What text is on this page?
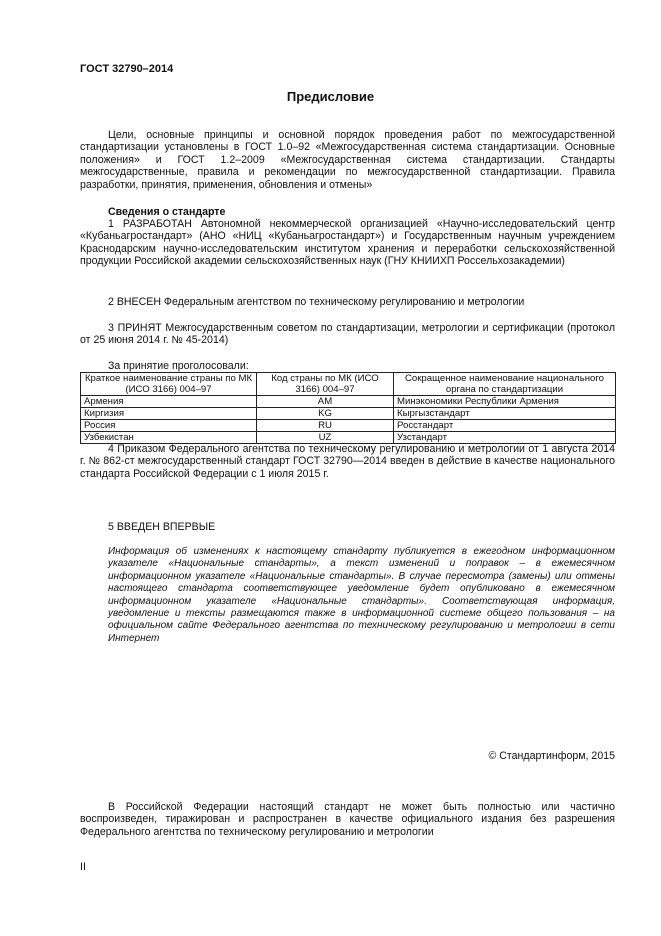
ГОСТ 32790–2014
Предисловие
Цели, основные принципы и основной порядок проведения работ по межгосударственной стандартизации установлены в ГОСТ 1.0–92 «Межгосударственная система стандартизации. Основные положения» и ГОСТ 1.2–2009 «Межгосударственная система стандартизации. Стандарты межгосударственные, правила и рекомендации по межгосударственной стандартизации. Правила разработки, принятия, применения, обновления и отмены»
Сведения о стандарте
1 РАЗРАБОТАН Автономной некоммерческой организацией «Научно-исследовательский центр «Кубаньагростандарт» (АНО «НИЦ «Кубаньагростандарт») и Государственным научным учреждением Краснодарским научно-исследовательским институтом хранения и переработки сельскохозяйственной продукции Российской академии сельскохозяйственных наук (ГНУ КНИИХП Россельхозакадемии)
2 ВНЕСЕН Федеральным агентством по техническому регулированию и метрологии
3 ПРИНЯТ Межгосударственным советом по стандартизации, метрологии и сертификации (протокол от 25 июня 2014 г. № 45-2014)
За принятие проголосовали:
Краткое наименование страны по МК (ИСО 3166) 004–97	Код страны по МК (ИСО 3166) 004–97	Сокращенное наименование национального органа по стандартизации
Армения	AM	Минэкономики Республики Армения
Киргизия	KG	Кыргызстандарт
Россия	RU	Росстандарт
Узбекистан	UZ	Узстандарт
4 Приказом Федерального агентства по техническому регулированию и метрологии от 1 августа 2014 г. № 862-ст межгосударственный стандарт ГОСТ 32790—2014 введен в действие в качестве национального стандарта Российской Федерации с 1 июля 2015 г.
5 ВВЕДЕН ВПЕРВЫЕ
Информация об изменениях к настоящему стандарту публикуется в ежегодном информационном указателе «Национальные стандарты», а текст изменений и поправок – в ежемесячном информационном указателе «Национальные стандарты». В случае пересмотра (замены) или отмены настоящего стандарта соответствующее уведомление будет опубликовано в ежемесячном информационном указателе «Национальные стандарты». Соответствующая информация, уведомление и тексты размещаются также в информационной системе общего пользования – на официальном сайте Федерального агентства по техническому регулированию и метрологии в сети Интернет
© Стандартинформ, 2015
В Российской Федерации настоящий стандарт не может быть полностью или частично воспроизведен, тиражирован и распространен в качестве официального издания без разрешения Федерального агентства по техническому регулированию и метрологии
II
